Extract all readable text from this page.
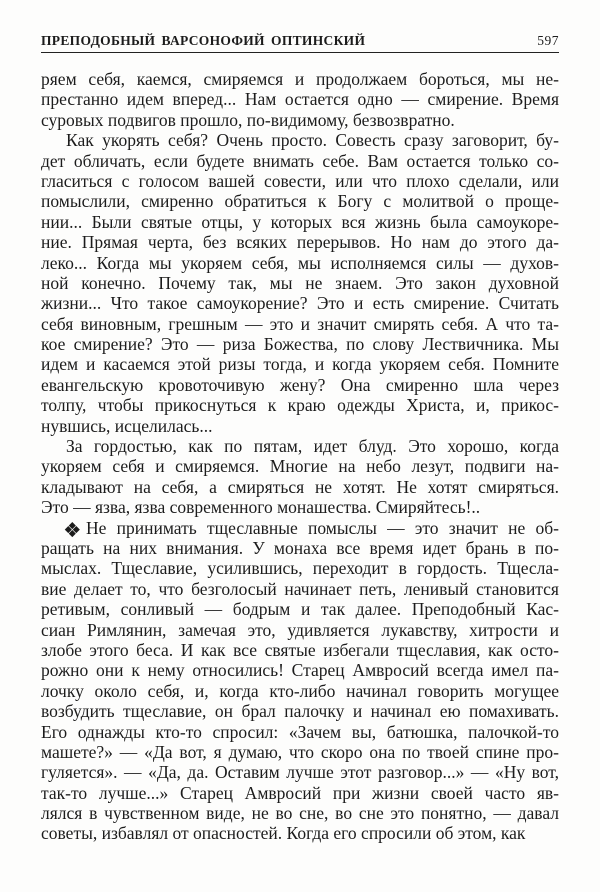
ПРЕПОДОБНЫЙ ВАРСОНОФИЙ ОПТИНСКИЙ	597
ряем себя, каемся, смиряемся и продолжаем бороться, мы не-
престанно идем вперед... Нам остается одно — смирение. Время
суровых подвигов прошло, по-видимому, безвозвратно.
Как укорять себя? Очень просто. Совесть сразу заговорит, бу-
дет обличать, если будете внимать себе. Вам остается только со-
гласиться с голосом вашей совести, или что плохо сделали, или
помыслили, смиренно обратиться к Богу с молитвой о проще-
нии... Были святые отцы, у которых вся жизнь была самоукоре-
ние. Прямая черта, без всяких перерывов. Но нам до этого да-
леко... Когда мы укоряем себя, мы исполняемся силы — духов-
ной конечно. Почему так, мы не знаем. Это закон духовной
жизни... Что такое самоукорение? Это и есть смирение. Считать
себя виновным, грешным — это и значит смирять себя. А что та-
кое смирение? Это — риза Божества, по слову Лествичника. Мы
идем и касаемся этой ризы тогда, и когда укоряем себя. Помните
евангельскую кровоточивую жену? Она смиренно шла через
толпу, чтобы прикоснуться к краю одежды Христа, и, прикос-
нувшись, исцелилась...
За гордостью, как по пятам, идет блуд. Это хорошо, когда
укоряем себя и смиряемся. Многие на небо лезут, подвиги на-
кладывают на себя, а смиряться не хотят. Не хотят смиряться.
Это — язва, язва современного монашества. Смиряйтесь!..
Не принимать тщеславные помыслы — это значит не об-
ращать на них внимания. У монаха все время идет брань в по-
мыслах. Тщеславие, усилившись, переходит в гордость. Тщесла-
вие делает то, что безголосый начинает петь, ленивый становится
ретивым, сонливый — бодрым и так далее. Преподобный Кас-
сиан Римлянин, замечая это, удивляется лукавству, хитрости и
злобе этого беса. И как все святые избегали тщеславия, как осто-
рожно они к нему относились! Старец Амвросий всегда имел па-
лочку около себя, и, когда кто-либо начинал говорить могущее
возбудить тщеславие, он брал палочку и начинал ею помахивать.
Его однажды кто-то спросил: «Зачем вы, батюшка, палочкой-то
машете?» — «Да вот, я думаю, что скоро она по твоей спине про-
гуляется». — «Да, да. Оставим лучше этот разговор...» — «Ну вот,
так-то лучше...» Старец Амвросий при жизни своей часто яв-
лялся в чувственном виде, не во сне, во сне это понятно, — давал
советы, избавлял от опасностей. Когда его спросили об этом, как
